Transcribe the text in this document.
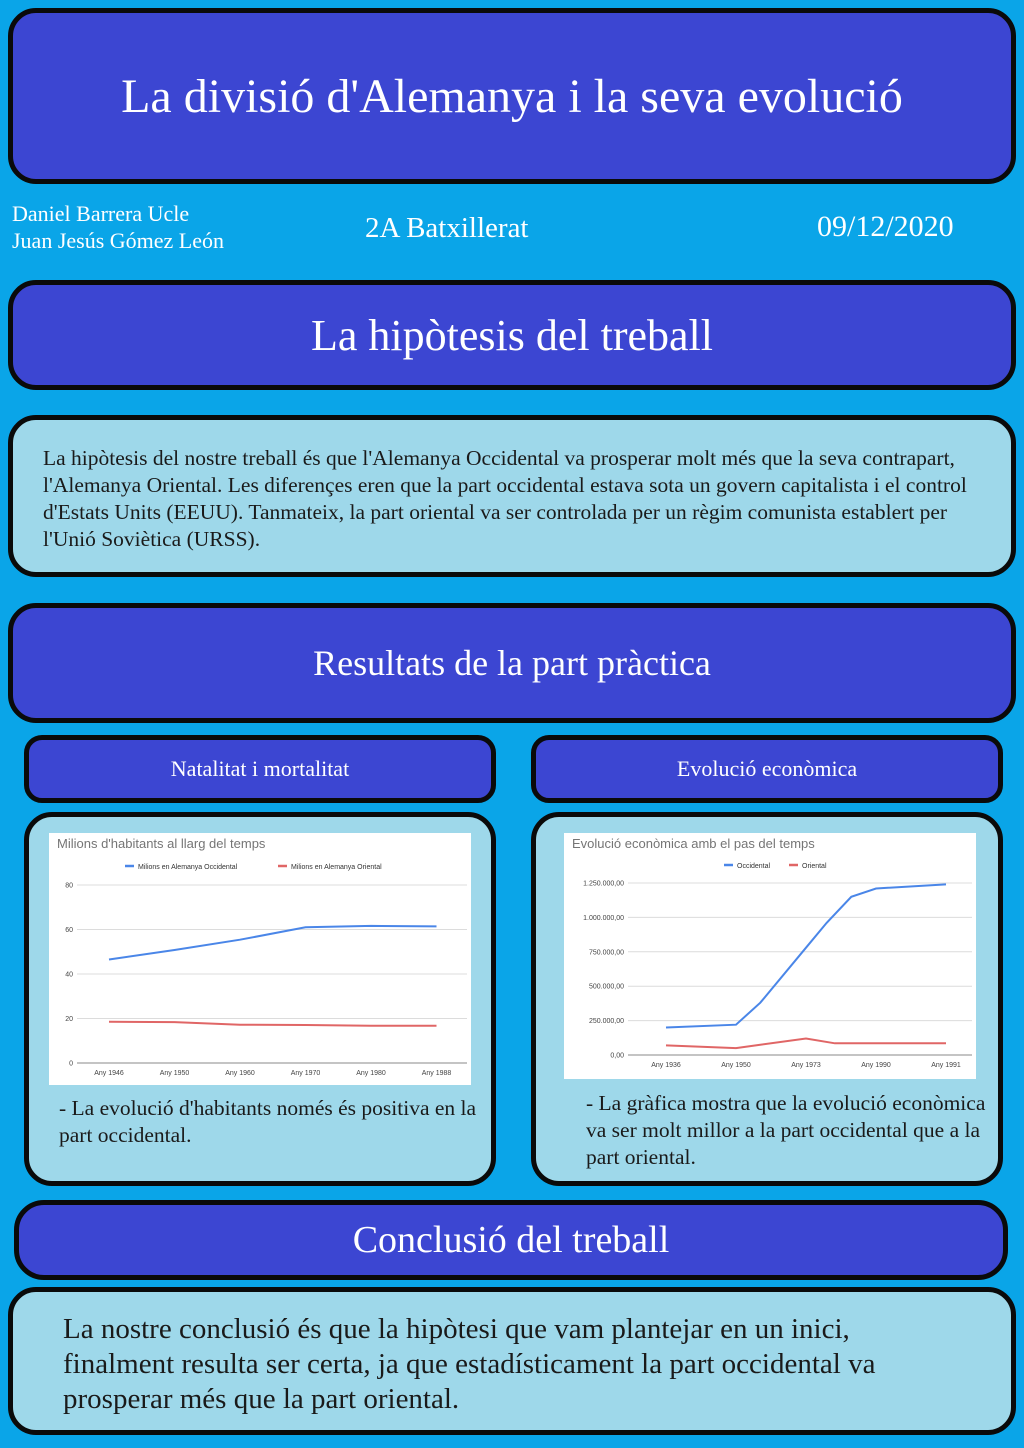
La divisió d'Alemanya i la seva evolució
Daniel Barrera Ucle
Juan Jesús Gómez León	2A Batxillerat	09/12/2020
La hipòtesis del treball
La hipòtesis del nostre treball és que l'Alemanya Occidental va prosperar molt més que la seva contrapart, l'Alemanya Oriental. Les diferençes eren que la part occidental estava sota un govern capitalista i el control d'Estats Units (EEUU). Tanmateix, la part oriental va ser controlada per un règim comunista establert per l'Unió Soviètica (URSS).
Resultats de la part pràctica
Natalitat i mortalitat	Evolució econòmica
Milions d'habitants al llarg del temps
Milions en Alemanya Occidental	Milions en Alemanya Oriental
0
20
40
60
80
Any 1946	Any 1950	Any 1960	Any 1970	Any 1980	Any 1988
- La evolució d'habitants només és positiva en la part occidental.
Evolució econòmica amb el pas del temps
Occidental	Oriental
0,00
250.000,00
500.000,00
750.000,00
1.000.000,00
1.250.000,00
Any 1936	Any 1950	Any 1973	Any 1990	Any 1991
- La gràfica mostra que la evolució econòmica va ser molt millor a la part occidental que a la part oriental.
Conclusió del treball
La nostre conclusió és que la hipòtesi que vam plantejar en un inici, finalment resulta ser certa, ja que estadísticament la part occidental va prosperar més que la part oriental.
